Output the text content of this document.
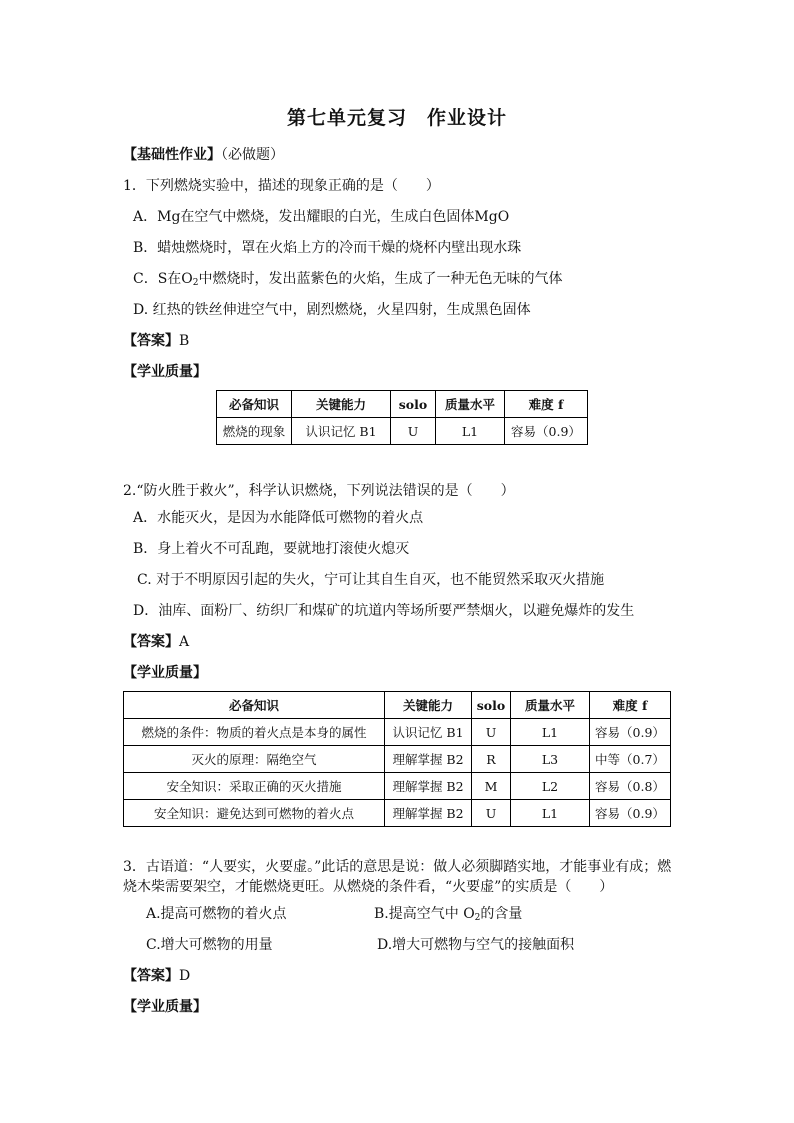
第七单元复习　作业设计
【基础性作业】（必做题）
1．下列燃烧实验中，描述的现象正确的是（　　）
A．Mg在空气中燃烧，发出耀眼的白光，生成白色固体MgO
B．蜡烛燃烧时，罩在火焰上方的冷而干燥的烧杯内壁出现水珠
C．S在$O_2$中燃烧时，发出蓝紫色的火焰，生成了一种无色无味的气体
D. 红热的铁丝伸进空气中，剧烈燃烧，火星四射，生成黑色固体
【答案】B
【学业质量】
必备知识	关键能力	solo	质量水平	难度 f
燃烧的现象	认识记忆 B1	U	L1	容易（0.9）
2.“防火胜于救火”，科学认识燃烧，下列说法错误的是（　　）
A．水能灭火，是因为水能降低可燃物的着火点
B．身上着火不可乱跑，要就地打滚使火熄灭
C. 对于不明原因引起的失火，宁可让其自生自灭，也不能贸然采取灭火措施
D．油库、面粉厂、纺织厂和煤矿的坑道内等场所要严禁烟火，以避免爆炸的发生
【答案】A
【学业质量】
必备知识	关键能力	solo	质量水平	难度 f
燃烧的条件：物质的着火点是本身的属性	认识记忆 B1	U	L1	容易（0.9）
灭火的原理：隔绝空气	理解掌握 B2	R	L3	中等（0.7）
安全知识：采取正确的灭火措施	理解掌握 B2	M	L2	容易（0.8）
安全知识：避免达到可燃物的着火点	理解掌握 B2	U	L1	容易（0.9）
3．古语道：“人要实，火要虚。”此话的意思是说：做人必须脚踏实地，才能事业有成；燃
烧木柴需要架空，才能燃烧更旺。从燃烧的条件看，“火要虚”的实质是（　　）
A.提高可燃物的着火点	B.提高空气中 $O_2$的含量
C.增大可燃物的用量	D.增大可燃物与空气的接触面积
【答案】D
【学业质量】
